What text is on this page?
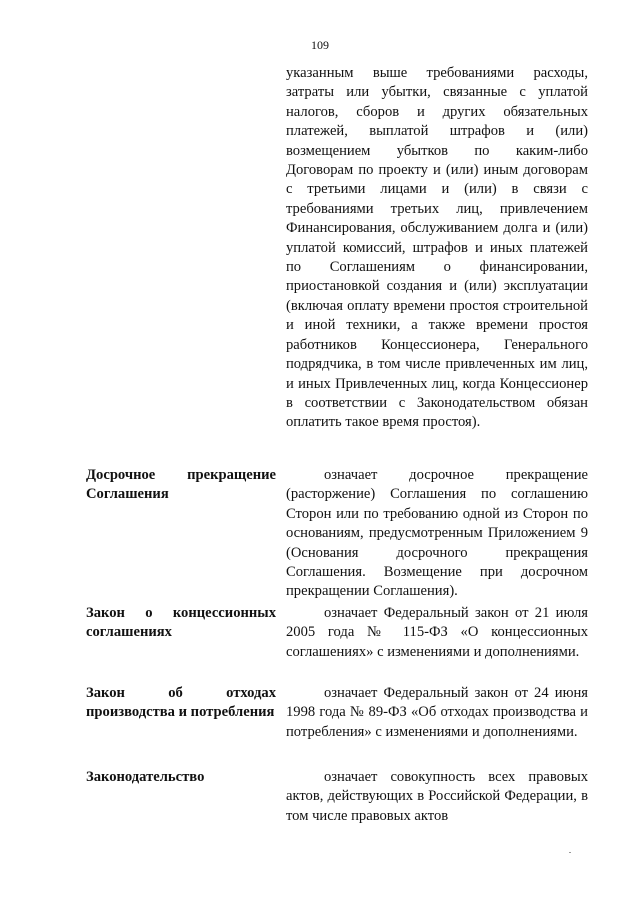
109
указанным выше требованиями расходы, затраты или убытки, связанные с уплатой налогов, сборов и других обязательных платежей, выплатой штрафов и (или) возмещением убытков по каким-либо Договорам по проекту и (или) иным договорам с третьими лицами и (или) в связи с требованиями третьих лиц, привлечением Финансирования, обслуживанием долга и (или) уплатой комиссий, штрафов и иных платежей по Соглашениям о финансировании, приостановкой создания и (или) эксплуатации (включая оплату времени простоя строительной и иной техники, а также времени простоя работников Концессионера, Генерального подрядчика, в том числе привлеченных им лиц, и иных Привлеченных лиц, когда Концессионер в соответствии с Законодательством обязан оплатить такое время простоя).
Досрочное прекращение Соглашения
означает досрочное прекращение (расторжение) Соглашения по соглашению Сторон или по требованию одной из Сторон по основаниям, предусмотренным Приложением 9 (Основания досрочного прекращения Соглашения. Возмещение при досрочном прекращении Соглашения).
Закон о концессионных соглашениях
означает Федеральный закон от 21 июля 2005 года № 115-ФЗ «О концессионных соглашениях» с изменениями и дополнениями.
Закон об отходах производства и потребления
означает Федеральный закон от 24 июня 1998 года № 89-ФЗ «Об отходах производства и потребления» с изменениями и дополнениями.
Законодательство	означает совокупность всех правовых актов, действующих в Российской Федерации, в том числе правовых актов
